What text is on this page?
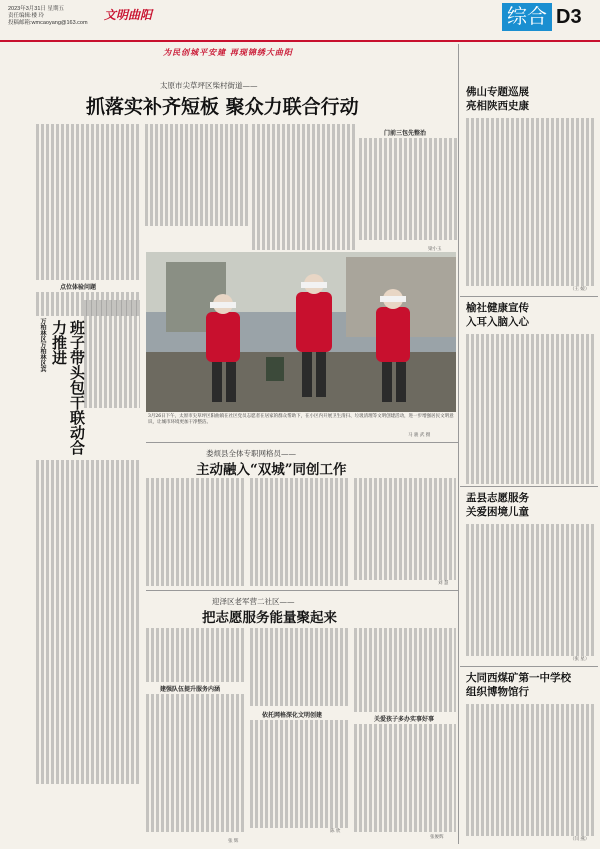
2023年3月31日 星期五
责任编辑:楼 玲
投稿邮箱:wmcaoyang@163.com
文明曲阳	综合 D3
为民创城平安建 再现锦绣大曲阳
太原市尖草坪区柴村街道——
抓落实补齐短板 聚众力联合行动
点位体验问题
门前三包先整治
梁小玉
万柏林区万柏林区宾	班子带头包干联动合力推进
3月26日下午，太原市尖草坪区阳曲镇在社区党员志愿者在居家的群众帮助下，在小区内开展卫生清扫、垃圾清理等文明创建活动，进一步增强居民文明意识，让城市环境更加干净整洁。
马 骏 武 摄
娄烦县全体专职网格员——
主动融入“双城”同创工作
刘 慧
迎泽区老军营二社区——
把志愿服务能量聚起来
建强队伍提升服务内涵
张 辉
依托网格深化文明创建
陈 欣
关爱孩子多办实事好事
张俊辉
佛山专题巡展
亮相陕西史康
（王 媛）
榆社健康宣传
入耳入脑入心
盂县志愿服务
关爱困境儿童
（张 星）
大同西煤矿第一中学校
组织博物馆行
（闫 燕）
